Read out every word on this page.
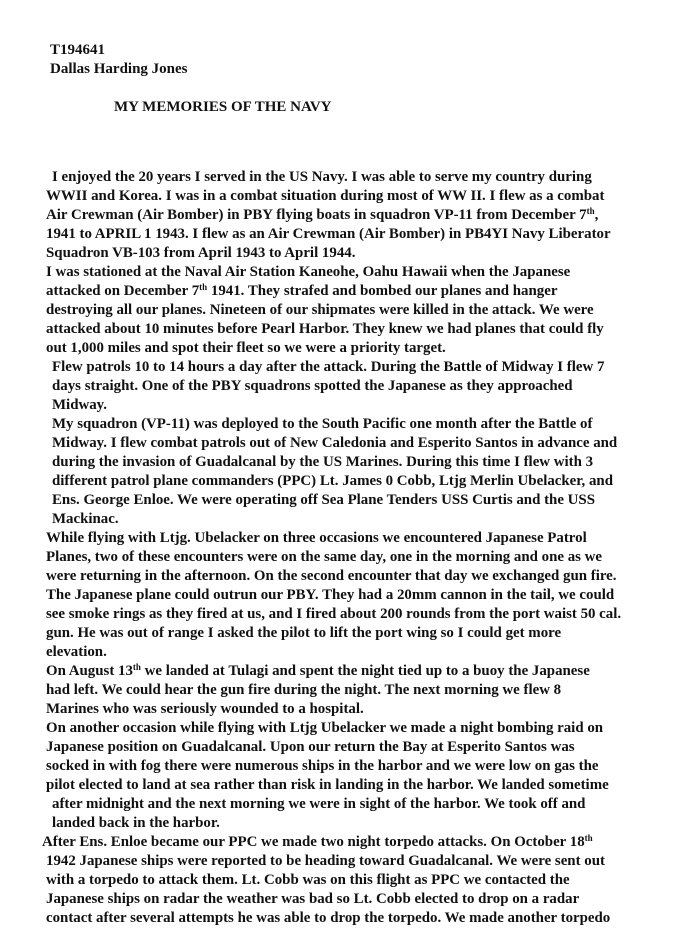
T194641
Dallas Harding Jones
MY MEMORIES OF THE NAVY
I enjoyed the 20 years I served in the US Navy. I was able to serve my country during
WWII and Korea. I was in a combat situation during most of WW II. I flew as a combat
Air Crewman (Air Bomber) in PBY flying boats in squadron VP-11 from December 7th,
1941 to APRIL 1 1943. I flew as an Air Crewman (Air Bomber) in PB4YI Navy Liberator
Squadron VB-103 from April 1943 to April 1944.
I was stationed at the Naval Air Station Kaneohe, Oahu Hawaii when the Japanese
attacked on December 7th 1941. They strafed and bombed our planes and hanger
destroying all our planes. Nineteen of our shipmates were killed in the attack. We were
attacked about 10 minutes before Pearl Harbor. They knew we had planes that could fly
out 1,000 miles and spot their fleet so we were a priority target.
Flew patrols 10 to 14 hours a day after the attack. During the Battle of Midway I flew 7
days straight. One of the PBY squadrons spotted the Japanese as they approached
Midway.
My squadron (VP-11) was deployed to the South Pacific one month after the Battle of
Midway. I flew combat patrols out of New Caledonia and Esperito Santos in advance and
during the invasion of Guadalcanal by the US Marines. During this time I flew with 3
different patrol plane commanders (PPC) Lt. James 0 Cobb, Ltjg Merlin Ubelacker, and
Ens. George Enloe. We were operating off Sea Plane Tenders USS Curtis and the USS
Mackinac.
While flying with Ltjg. Ubelacker on three occasions we encountered Japanese Patrol
Planes, two of these encounters were on the same day, one in the morning and one as we
were returning in the afternoon. On the second encounter that day we exchanged gun fire.
The Japanese plane could outrun our PBY. They had a 20mm cannon in the tail, we could
see smoke rings as they fired at us, and I fired about 200 rounds from the port waist 50 cal.
gun. He was out of range I asked the pilot to lift the port wing so I could get more
elevation.
On August 13th we landed at Tulagi and spent the night tied up to a buoy the Japanese
had left. We could hear the gun fire during the night. The next morning we flew 8
Marines who was seriously wounded to a hospital.
On another occasion while flying with Ltjg Ubelacker we made a night bombing raid on
Japanese position on Guadalcanal. Upon our return the Bay at Esperito Santos was
socked in with fog there were numerous ships in the harbor and we were low on gas the
pilot elected to land at sea rather than risk in landing in the harbor. We landed sometime
after midnight and the next morning we were in sight of the harbor. We took off and
landed back in the harbor.
After Ens. Enloe became our PPC we made two night torpedo attacks. On October 18th
1942 Japanese ships were reported to be heading toward Guadalcanal. We were sent out
with a torpedo to attack them. Lt. Cobb was on this flight as PPC we contacted the
Japanese ships on radar the weather was bad so Lt. Cobb elected to drop on a radar
contact after several attempts he was able to drop the torpedo. We made another torpedo
